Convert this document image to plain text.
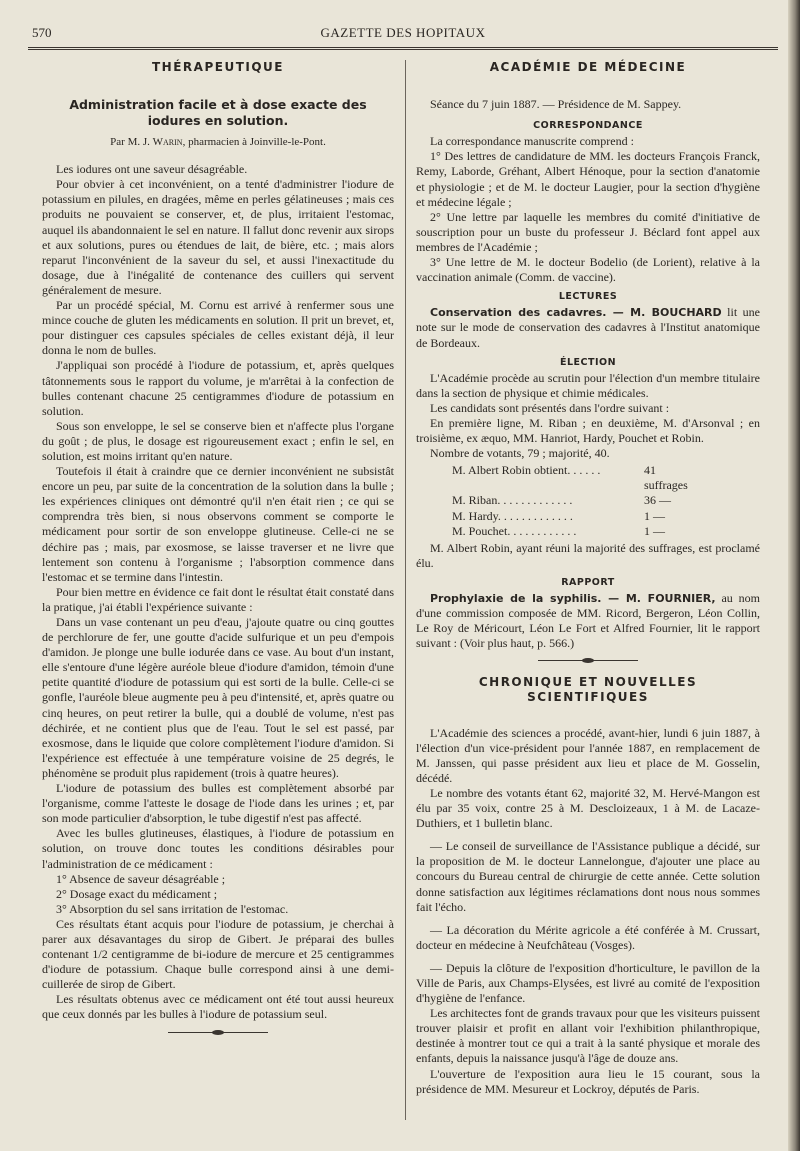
570	GAZETTE DES HOPITAUX
THÉRAPEUTIQUE
Administration facile et à dose exacte des iodures en solution.
Par M. J. Warin, pharmacien à Joinville-le-Pont.

Les iodures ont une saveur désagréable.

Pour obvier à cet inconvénient, on a tenté d'administrer l'iodure de potassium en pilules, en dragées, même en perles gélatineuses ; mais ces produits ne pouvaient se conserver, et, de plus, irritaient l'estomac, auquel ils abandonnaient le sel en nature. Il fallut donc revenir aux sirops et aux solutions, pures ou étendues de lait, de bière, etc. ; mais alors reparut l'inconvénient de la saveur du sel, et aussi l'inexactitude du dosage, due à l'inégalité de contenance des cuillers qui servent généralement de mesure.

Par un procédé spécial, M. Cornu est arrivé à renfermer sous une mince couche de gluten les médicaments en solution. Il prit un brevet, et, pour distinguer ces capsules spéciales de celles existant déjà, il leur donna le nom de bulles.

J'appliquai son procédé à l'iodure de potassium, et, après quelques tâtonnements sous le rapport du volume, je m'arrêtai à la confection de bulles contenant chacune 25 centigrammes d'iodure de potassium en solution.

Sous son enveloppe, le sel se conserve bien et n'affecte plus l'organe du goût ; de plus, le dosage est rigoureusement exact ; enfin le sel, en solution, est moins irritant qu'en nature.

Toutefois il était à craindre que ce dernier inconvénient ne subsistât encore un peu, par suite de la concentration de la solution dans la bulle ; les expériences cliniques ont démontré qu'il n'en était rien ; ce qui se comprendra très bien, si nous observons comment se comporte le médicament pour sortir de son enveloppe glutineuse. Celle-ci ne se déchire pas ; mais, par exosmose, se laisse traverser et ne livre que lentement son contenu à l'organisme ; l'absorption commence dans l'estomac et se termine dans l'intestin.

Pour bien mettre en évidence ce fait dont le résultat était constaté dans la pratique, j'ai établi l'expérience suivante :

Dans un vase contenant un peu d'eau, j'ajoute quatre ou cinq gouttes de perchlorure de fer, une goutte d'acide sulfurique et un peu d'empois d'amidon. Je plonge une bulle iodurée dans ce vase. Au bout d'un instant, elle s'entoure d'une légère auréole bleue d'iodure d'amidon, témoin d'une petite quantité d'iodure de potassium qui est sorti de la bulle. Celle-ci se gonfle, l'auréole bleue augmente peu à peu d'intensité, et, après quatre ou cinq heures, on peut retirer la bulle, qui a doublé de volume, n'est pas déchirée, et ne contient plus que de l'eau. Tout le sel est passé, par exosmose, dans le liquide que colore complètement l'iodure d'amidon. Si l'expérience est effectuée à une température voisine de 25 degrés, le phénomène se produit plus rapidement (trois à quatre heures).

L'iodure de potassium des bulles est complètement absorbé par l'organisme, comme l'atteste le dosage de l'iode dans les urines ; et, par son mode particulier d'absorption, le tube digestif n'est pas affecté.

Avec les bulles glutineuses, élastiques, à l'iodure de potassium en solution, on trouve donc toutes les conditions désirables pour l'administration de ce médicament :

1° Absence de saveur désagréable ;

2° Dosage exact du médicament ;

3° Absorption du sel sans irritation de l'estomac.

Ces résultats étant acquis pour l'iodure de potassium, je cherchai à parer aux désavantages du sirop de Gibert. Je préparai des bulles contenant 1/2 centigramme de bi-iodure de mercure et 25 centigrammes d'iodure de potassium. Chaque bulle correspond ainsi à une demi-cuillerée de sirop de Gibert.

Les résultats obtenus avec ce médicament ont été tout aussi heureux que ceux donnés par les bulles à l'iodure de potassium seul.

ACADÉMIE DE MÉDECINE

Séance du 7 juin 1887. — Présidence de M. Sappey.

CORRESPONDANCE

La correspondance manuscrite comprend :

1° Des lettres de candidature de MM. les docteurs François Franck, Remy, Laborde, Gréhant, Albert Hénoque, pour la section d'anatomie et physiologie ; et de M. le docteur Laugier, pour la section d'hygiène et médecine légale ;

2° Une lettre par laquelle les membres du comité d'initiative de souscription pour un buste du professeur J. Béclard font appel aux membres de l'Académie ;

3° Une lettre de M. le docteur Bodelio (de Lorient), relative à la vaccination animale (Comm. de vaccine).

LECTURES

Conservation des cadavres. — M. BOUCHARD lit une note sur le mode de conservation des cadavres à l'Institut anatomique de Bordeaux.

ÉLECTION

L'Académie procède au scrutin pour l'élection d'un membre titulaire dans la section de physique et chimie médicales.

Les candidats sont présentés dans l'ordre suivant :

En première ligne, M. Riban ; en deuxième, M. d'Arsonval ; en troisième, ex æquo, MM. Hanriot, Hardy, Pouchet et Robin.

Nombre de votants, 79 ; majorité, 40.

M. Albert Robin obtient. . . . . .	41 suffrages
M. Riban. . . . . . . . . . . . .	36 —
M. Hardy. . . . . . . . . . . . .	1 —
M. Pouchet. . . . . . . . . . . .	1 —

M. Albert Robin, ayant réuni la majorité des suffrages, est proclamé élu.

RAPPORT

Prophylaxie de la syphilis. — M. FOURNIER, au nom d'une commission composée de MM. Ricord, Bergeron, Léon Collin, Le Roy de Méricourt, Léon Le Fort et Alfred Fournier, lit le rapport suivant : (Voir plus haut, p. 566.)

CHRONIQUE ET NOUVELLES SCIENTIFIQUES

L'Académie des sciences a procédé, avant-hier, lundi 6 juin 1887, à l'élection d'un vice-président pour l'année 1887, en remplacement de M. Janssen, qui passe président aux lieu et place de M. Gosselin, décédé.

Le nombre des votants étant 62, majorité 32, M. Hervé-Mangon est élu par 35 voix, contre 25 à M. Descloizeaux, 1 à M. de Lacaze-Duthiers, et 1 bulletin blanc.

— Le conseil de surveillance de l'Assistance publique a décidé, sur la proposition de M. le docteur Lannelongue, d'ajouter une place au concours du Bureau central de chirurgie de cette année. Cette solution donne satisfaction aux légitimes réclamations dont nous nous sommes fait l'écho.

— La décoration du Mérite agricole a été conférée à M. Crussart, docteur en médecine à Neufchâteau (Vosges).

— Depuis la clôture de l'exposition d'horticulture, le pavillon de la Ville de Paris, aux Champs-Elysées, est livré au comité de l'exposition d'hygiène de l'enfance.

Les architectes font de grands travaux pour que les visiteurs puissent trouver plaisir et profit en allant voir l'exhibition philanthropique, destinée à montrer tout ce qui a trait à la santé physique et morale des enfants, depuis la naissance jusqu'à l'âge de douze ans.

L'ouverture de l'exposition aura lieu le 15 courant, sous la présidence de MM. Mesureur et Lockroy, députés de Paris.
